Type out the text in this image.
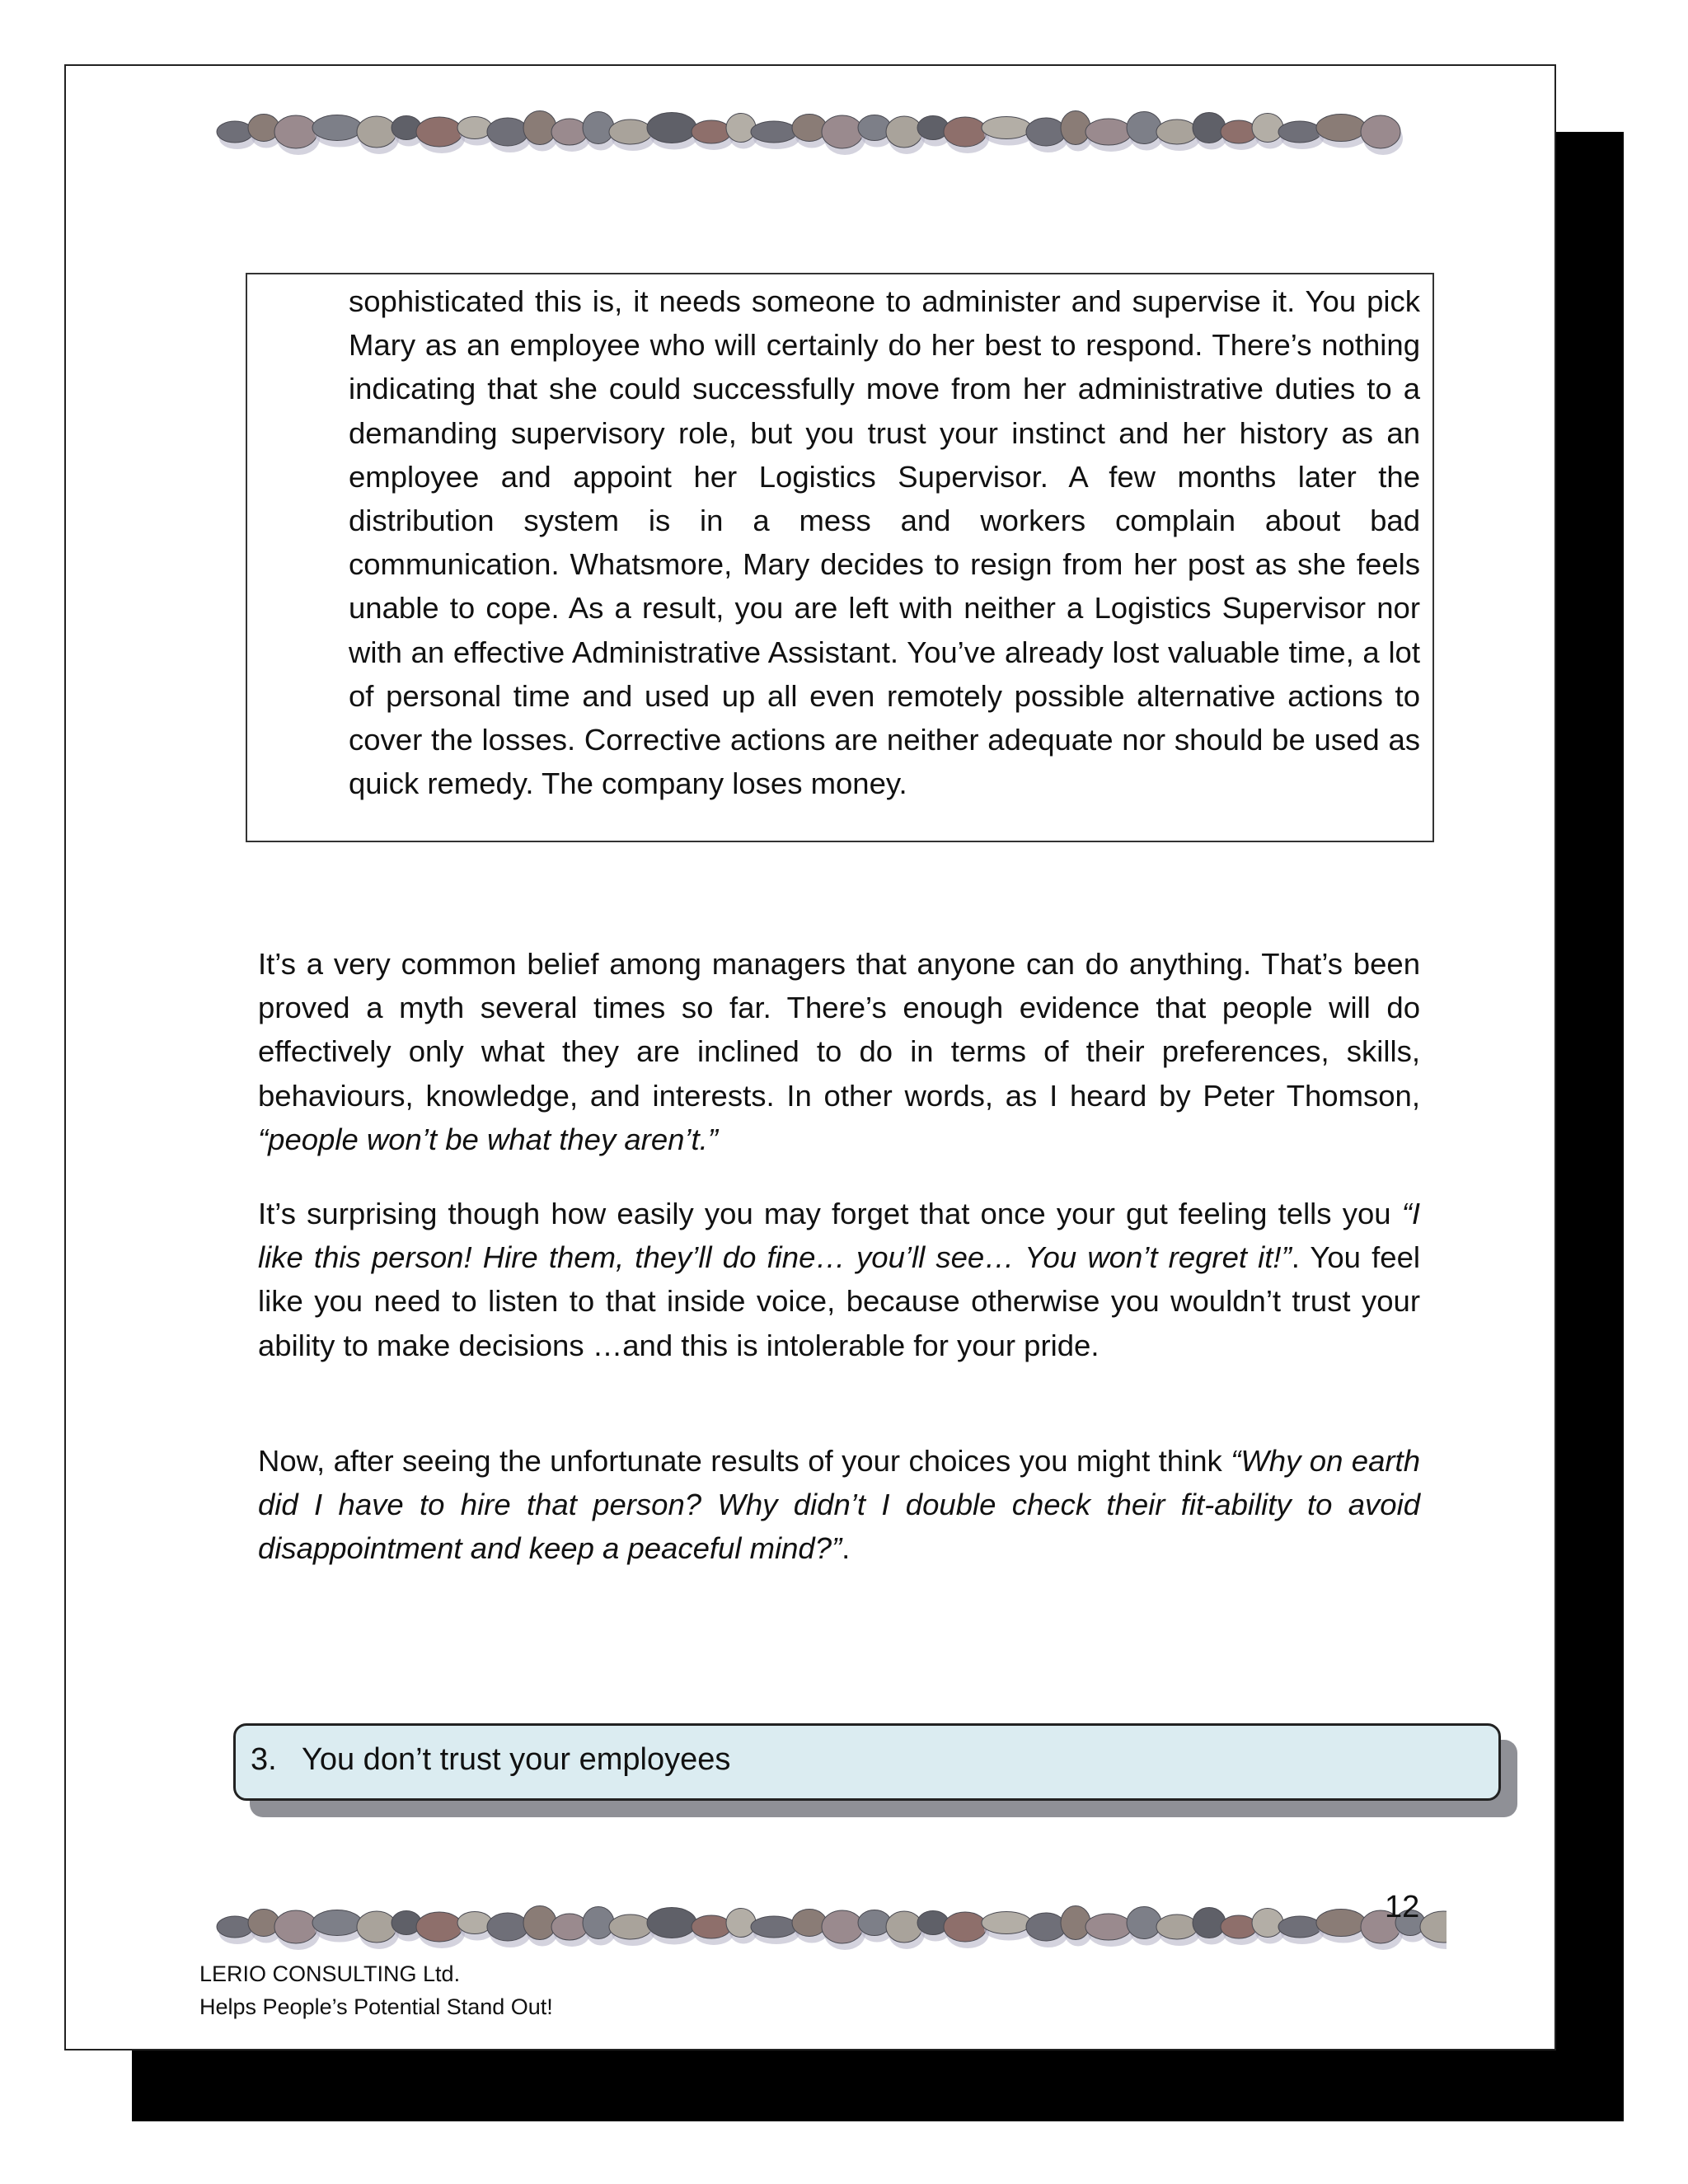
sophisticated this is, it needs someone to administer and supervise it. You pick Mary as an employee who will certainly do her best to respond. There’s nothing indicating that she could successfully move from her administrative duties to a demanding supervisory role, but you trust your instinct and her history as an employee and appoint her Logistics Supervisor. A few months later the distribution system is in a mess and workers complain about bad communication. Whatsmore, Mary decides to resign from her post as she feels unable to cope. As a result, you are left with neither a Logistics Supervisor nor with an effective Administrative Assistant. You’ve already lost valuable time, a lot of personal time and used up all even remotely possible alternative actions to cover the losses. Corrective actions are neither adequate nor should be used as quick remedy. The company loses money.
It’s a very common belief among managers that anyone can do anything. That’s been proved a myth several times so far. There’s enough evidence that people will do effectively only what they are inclined to do in terms of their preferences, skills, behaviours, knowledge, and interests. In other words, as I heard by Peter Thomson, “people won’t be what they aren’t.”
It’s surprising though how easily you may forget that once your gut feeling tells you “I like this person! Hire them, they’ll do fine… you’ll see… You won’t regret it!”. You feel like you need to listen to that inside voice, because otherwise you wouldn’t trust your ability to make decisions …and this is intolerable for your pride.
Now, after seeing the unfortunate results of your choices you might think “Why on earth did I have to hire that person? Why didn’t I double check their fit-ability to avoid disappointment and keep a peaceful mind?”.
3. You don’t trust your employees
12
LERIO CONSULTING Ltd.
Helps People’s Potential Stand Out!
